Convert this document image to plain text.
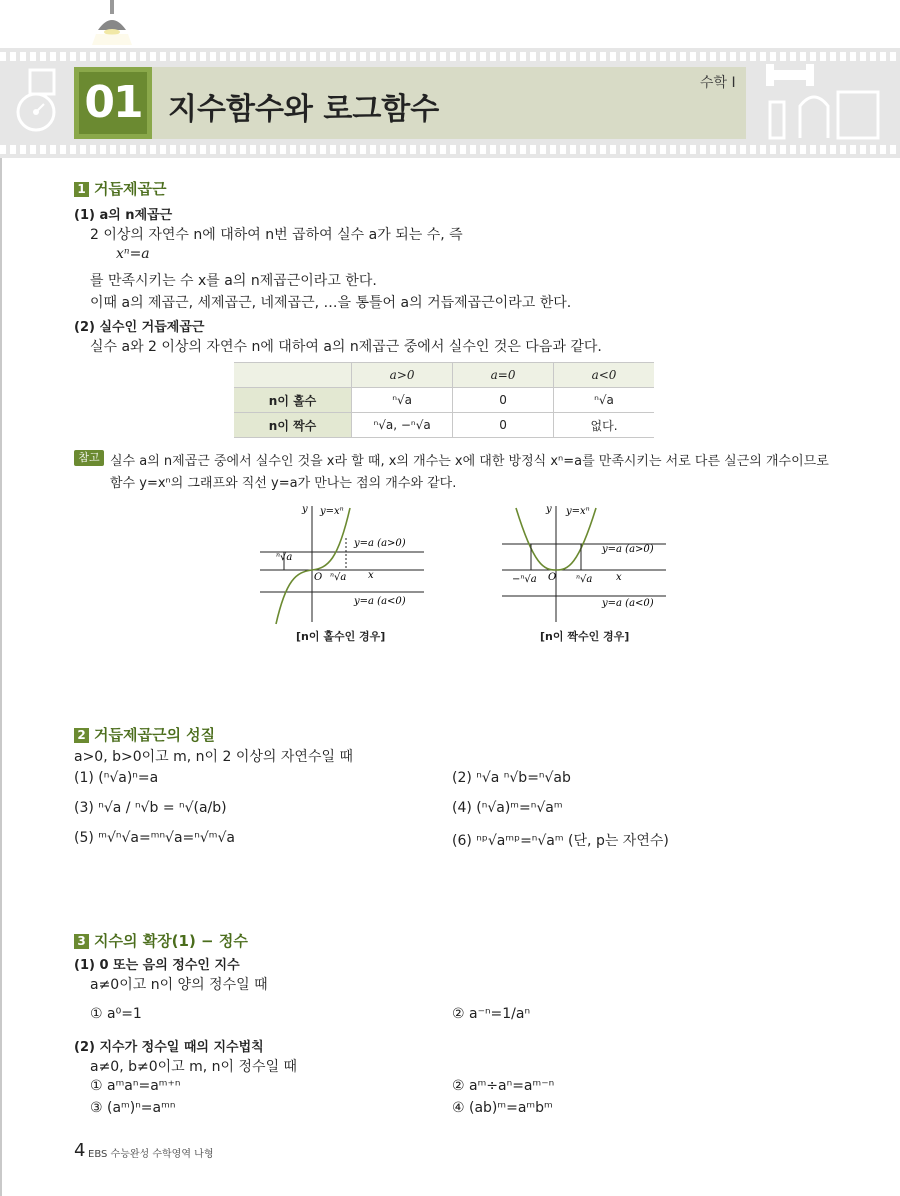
01 지수함수와 로그함수
수학 Ⅰ
1 거듭제곱근
(1) a의 n제곱근
2 이상의 자연수 n에 대하여 n번 곱하여 실수 a가 되는 수, 즉
xⁿ=a
를 만족시키는 수 x를 a의 n제곱근이라고 한다.
이때 a의 제곱근, 세제곱근, 네제곱근, …을 통틀어 a의 거듭제곱근이라고 한다.
(2) 실수인 거듭제곱근
실수 a와 2 이상의 자연수 n에 대하여 a의 n제곱근 중에서 실수인 것은 다음과 같다.
	a>0	a=0	a<0
n이 홀수	ⁿ√a	0	ⁿ√a
n이 짝수	ⁿ√a, −ⁿ√a	0	없다.
참고 실수 a의 n제곱근 중에서 실수인 것을 x라 할 때, x의 개수는 x에 대한 방정식 xⁿ=a를 만족시키는 서로 다른 실근의 개수이므로
함수 y=xⁿ의 그래프와 직선 y=a가 만나는 점의 개수와 같다.
y y=xⁿ
y=a (a>0)
ⁿ√a
O ⁿ√a x
y=a (a<0)
[n이 홀수인 경우]
y y=xⁿ
y=a (a>0)
−ⁿ√a O ⁿ√a x
y=a (a<0)
[n이 짝수인 경우]
2 거듭제곱근의 성질
a>0, b>0이고 m, n이 2 이상의 자연수일 때
(1) (ⁿ√a)ⁿ=a	(2) ⁿ√a ⁿ√b=ⁿ√ab
(3) ⁿ√a / ⁿ√b = ⁿ√(a/b)	(4) (ⁿ√a)ᵐ=ⁿ√aᵐ
(5) ᵐ√ⁿ√a=ᵐⁿ√a=ⁿ√ᵐ√a	(6) ⁿᵖ√aᵐᵖ=ⁿ√aᵐ (단, p는 자연수)
3 지수의 확장(1) − 정수
(1) 0 또는 음의 정수인 지수
a≠0이고 n이 양의 정수일 때
① a⁰=1	② a⁻ⁿ=1/aⁿ
(2) 지수가 정수일 때의 지수법칙
a≠0, b≠0이고 m, n이 정수일 때
① aᵐaⁿ=aᵐ⁺ⁿ	② aᵐ÷aⁿ=aᵐ⁻ⁿ
③ (aᵐ)ⁿ=aᵐⁿ	④ (ab)ᵐ=aᵐbᵐ
4 EBS 수능완성 수학영역 나형
